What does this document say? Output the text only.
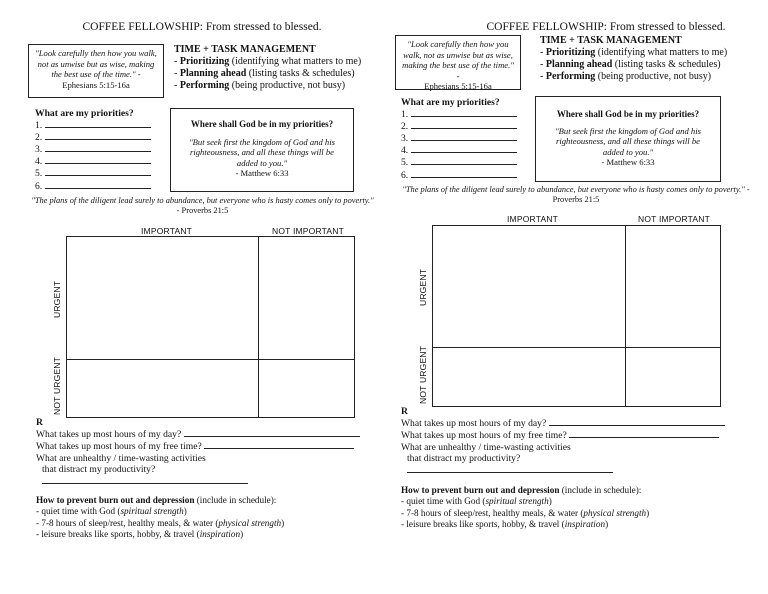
COFFEE FELLOWSHIP: From stressed to blessed.
"Look carefully then how you walk, not as unwise but as wise, making the best use of the time." -
Ephesians 5:15-16a
TIME + TASK MANAGEMENT
- Prioritizing (identifying what matters to me)
- Planning ahead (listing tasks & schedules)
- Performing (being productive, not busy)
What are my priorities?
1.
2.
3.
4.
5.
6.
Where shall God be in my priorities?
"But seek first the kingdom of God and his righteousness, and all these things will be added to you."
- Matthew 6:33
"The plans of the diligent lead surely to abundance, but everyone who is hasty comes only to poverty." - Proverbs 21:5
IMPORTANT	NOT IMPORTANT
URGENT
NOT URGENT
R
What takes up most hours of my day?
What takes up most hours of my free time?
What are unhealthy / time-wasting activities
that distract my productivity?
How to prevent burn out and depression (include in schedule):
- quiet time with God (spiritual strength)
- 7-8 hours of sleep/rest, healthy meals, & water (physical strength)
- leisure breaks like sports, hobby, & travel (inspiration)
COFFEE FELLOWSHIP: From stressed to blessed.
"Look carefully then how you walk, not as unwise but as wise, making the best use of the time." -
Ephesians 5:15-16a
TIME + TASK MANAGEMENT
- Prioritizing (identifying what matters to me)
- Planning ahead (listing tasks & schedules)
- Performing (being productive, not busy)
What are my priorities?
1.
2.
3.
4.
5.
6.
Where shall God be in my priorities?
"But seek first the kingdom of God and his righteousness, and all these things will be added to you."
- Matthew 6:33
"The plans of the diligent lead surely to abundance, but everyone who is hasty comes only to poverty." - Proverbs 21:5
IMPORTANT	NOT IMPORTANT
URGENT
NOT URGENT
R
What takes up most hours of my day?
What takes up most hours of my free time?
What are unhealthy / time-wasting activities
that distract my productivity?
How to prevent burn out and depression (include in schedule):
- quiet time with God (spiritual strength)
- 7-8 hours of sleep/rest, healthy meals, & water (physical strength)
- leisure breaks like sports, hobby, & travel (inspiration)
